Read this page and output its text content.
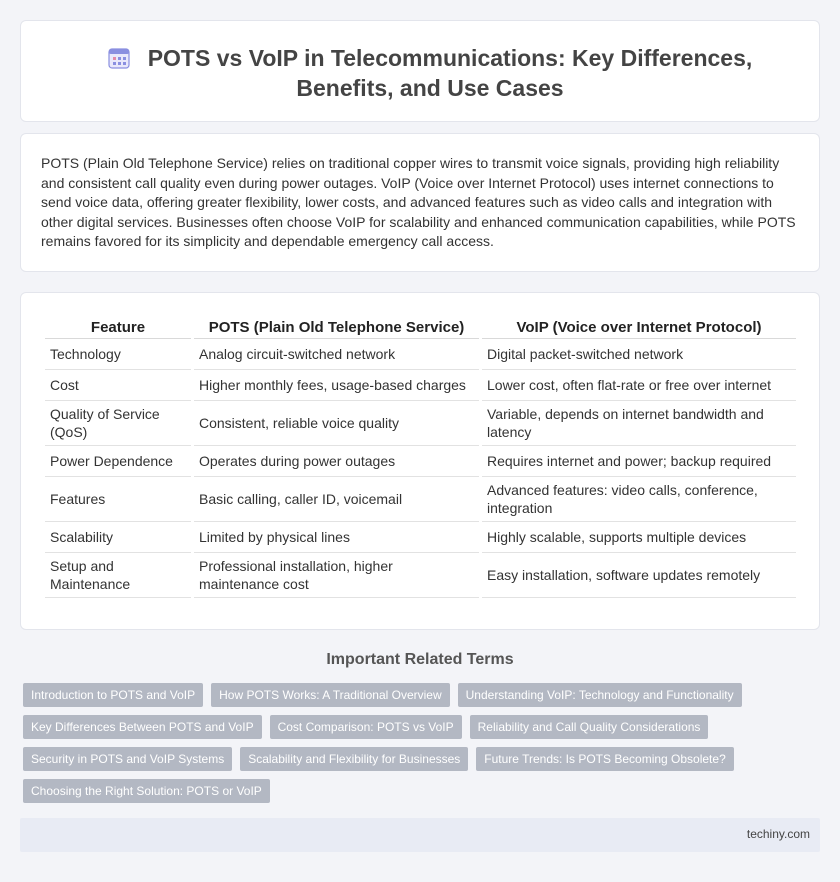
POTS vs VoIP in Telecommunications: Key Differences, Benefits, and Use Cases

POTS (Plain Old Telephone Service) relies on traditional copper wires to transmit voice signals, providing high reliability and consistent call quality even during power outages. VoIP (Voice over Internet Protocol) uses internet connections to send voice data, offering greater flexibility, lower costs, and advanced features such as video calls and integration with other digital services. Businesses often choose VoIP for scalability and enhanced communication capabilities, while POTS remains favored for its simplicity and dependable emergency call access.

Feature	POTS (Plain Old Telephone Service)	VoIP (Voice over Internet Protocol)
Technology	Analog circuit-switched network	Digital packet-switched network
Cost	Higher monthly fees, usage-based charges	Lower cost, often flat-rate or free over internet
Quality of Service (QoS)	Consistent, reliable voice quality	Variable, depends on internet bandwidth and latency
Power Dependence	Operates during power outages	Requires internet and power; backup required
Features	Basic calling, caller ID, voicemail	Advanced features: video calls, conference, integration
Scalability	Limited by physical lines	Highly scalable, supports multiple devices
Setup and Maintenance	Professional installation, higher maintenance cost	Easy installation, software updates remotely
Important Related Terms
Introduction to POTS and VoIP	How POTS Works: A Traditional Overview	Understanding VoIP: Technology and Functionality
Key Differences Between POTS and VoIP	Cost Comparison: POTS vs VoIP	Reliability and Call Quality Considerations
Security in POTS and VoIP Systems	Scalability and Flexibility for Businesses	Future Trends: Is POTS Becoming Obsolete?
Choosing the Right Solution: POTS or VoIP
techiny.com
